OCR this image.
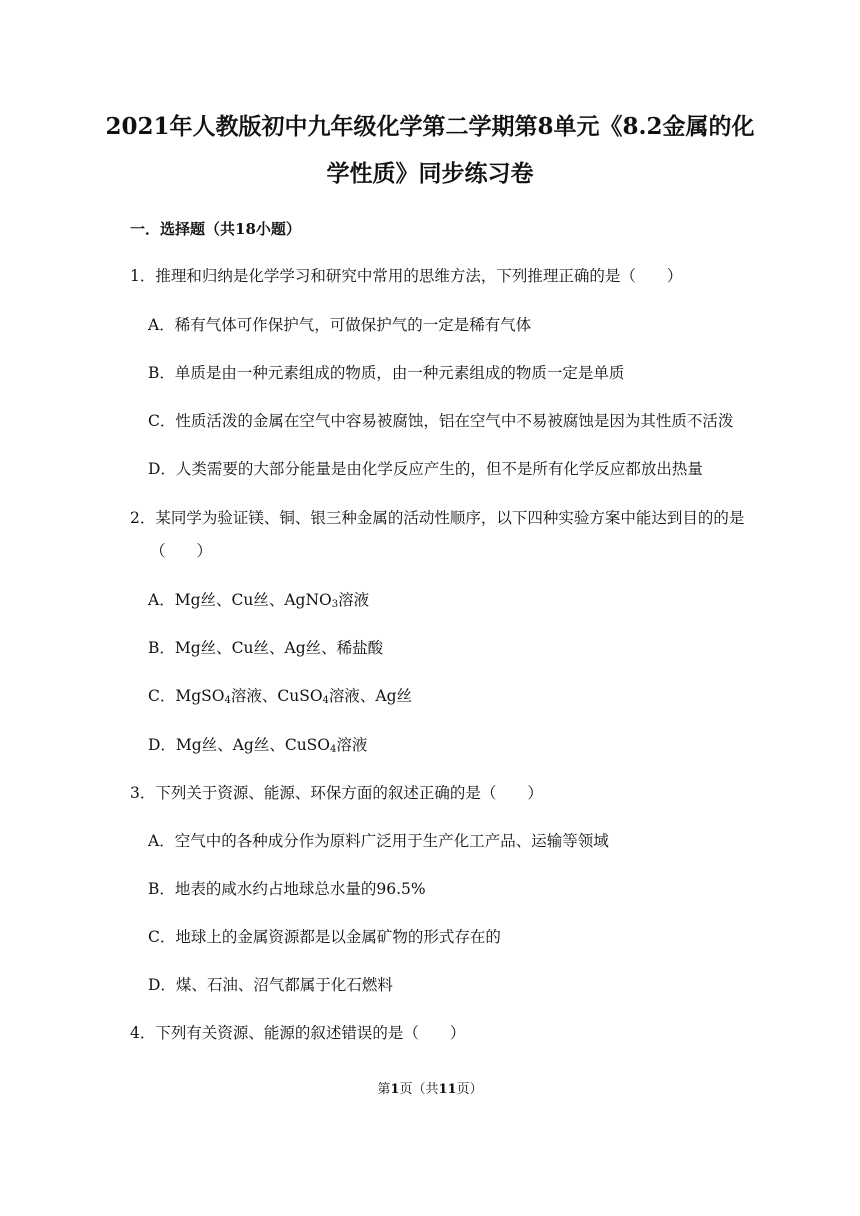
2021年人教版初中九年级化学第二学期第8单元《8.2金属的化
学性质》同步练习卷
一．选择题（共18小题）
1．推理和归纳是化学学习和研究中常用的思维方法，下列推理正确的是（　　）
A．稀有气体可作保护气，可做保护气的一定是稀有气体
B．单质是由一种元素组成的物质，由一种元素组成的物质一定是单质
C．性质活泼的金属在空气中容易被腐蚀，铝在空气中不易被腐蚀是因为其性质不活泼
D．人类需要的大部分能量是由化学反应产生的，但不是所有化学反应都放出热量
2．某同学为验证镁、铜、银三种金属的活动性顺序，以下四种实验方案中能达到目的的是
（　　）
A．Mg丝、Cu丝、AgNO$_3$溶液
B．Mg丝、Cu丝、Ag丝、稀盐酸
C．MgSO$_4$溶液、CuSO$_4$溶液、Ag丝
D．Mg丝、Ag丝、CuSO$_4$溶液
3．下列关于资源、能源、环保方面的叙述正确的是（　　）
A．空气中的各种成分作为原料广泛用于生产化工产品、运输等领域
B．地表的咸水约占地球总水量的96.5%
C．地球上的金属资源都是以金属矿物的形式存在的
D．煤、石油、沼气都属于化石燃料
4．下列有关资源、能源的叙述错误的是（　　）
第1页（共11页）
